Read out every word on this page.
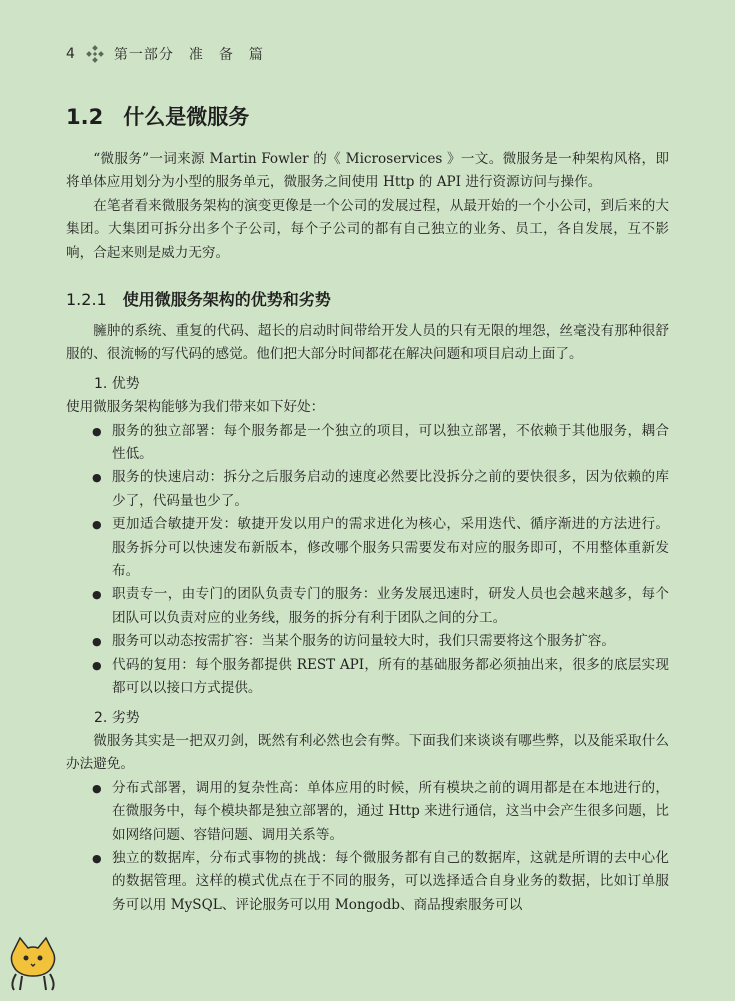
4	第一部分　准　备　篇
1.2 什么是微服务

“微服务”一词来源 Martin Fowler 的《 Microservices 》一文。微服务是一种架构风格，即将单体应用划分为小型的服务单元，微服务之间使用 Http 的 API 进行资源访问与操作。

在笔者看来微服务架构的演变更像是一个公司的发展过程，从最开始的一个小公司，到后来的大集团。大集团可拆分出多个子公司，每个子公司的都有自己独立的业务、员工，各自发展，互不影响，合起来则是威力无穷。

1.2.1 使用微服务架构的优势和劣势

臃肿的系统、重复的代码、超长的启动时间带给开发人员的只有无限的埋怨，丝毫没有那种很舒服的、很流畅的写代码的感觉。他们把大部分时间都花在解决问题和项目启动上面了。

1. 优势

使用微服务架构能够为我们带来如下好处：

● 服务的独立部署：每个服务都是一个独立的项目，可以独立部署，不依赖于其他服务，耦合性低。
● 服务的快速启动：拆分之后服务启动的速度必然要比没拆分之前的要快很多，因为依赖的库少了，代码量也少了。
● 更加适合敏捷开发：敏捷开发以用户的需求进化为核心，采用迭代、循序渐进的方法进行。服务拆分可以快速发布新版本，修改哪个服务只需要发布对应的服务即可，不用整体重新发布。
● 职责专一，由专门的团队负责专门的服务：业务发展迅速时，研发人员也会越来越多，每个团队可以负责对应的业务线，服务的拆分有利于团队之间的分工。
● 服务可以动态按需扩容：当某个服务的访问量较大时，我们只需要将这个服务扩容。
● 代码的复用：每个服务都提供 REST API，所有的基础服务都必须抽出来，很多的底层实现都可以以接口方式提供。

2. 劣势

微服务其实是一把双刃剑，既然有利必然也会有弊。下面我们来谈谈有哪些弊，以及能采取什么办法避免。

● 分布式部署，调用的复杂性高：单体应用的时候，所有模块之前的调用都是在本地进行的，在微服务中，每个模块都是独立部署的，通过 Http 来进行通信，这当中会产生很多问题，比如网络问题、容错问题、调用关系等。
● 独立的数据库，分布式事物的挑战：每个微服务都有自己的数据库，这就是所谓的去中心化的数据管理。这样的模式优点在于不同的服务，可以选择适合自身业务的数据，比如订单服务可以用 MySQL、评论服务可以用 Mongodb、商品搜索服务可以
